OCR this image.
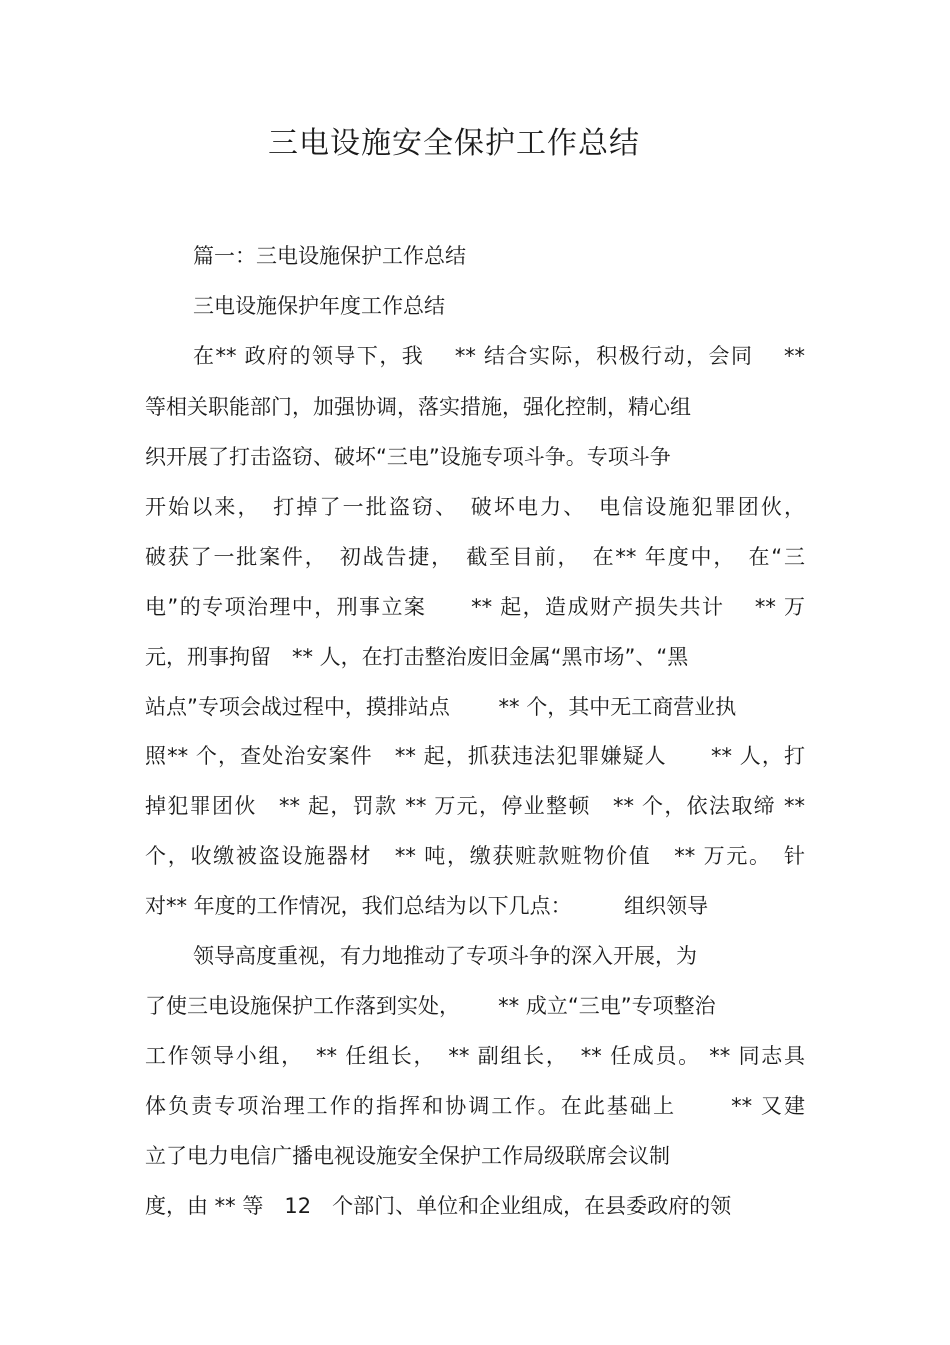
三电设施安全保护工作总结
篇一：三电设施保护工作总结
三电设施保护年度工作总结
在** 政府的领导下，我　 ** 结合实际，积极行动，会同　 **
等相关职能部门，加强协调，落实措施，强化控制，精心组
织开展了打击盗窃、破坏“三电”设施专项斗争。专项斗争
开始以来，　打掉了一批盗窃、　破坏电力、　电信设施犯罪团伙，
破获了一批案件，　初战告捷，　截至目前，　在** 年度中，　在“三
电”的专项治理中，刑事立案　　** 起，造成财产损失共计　 ** 万
元，刑事拘留　** 人，在打击整治废旧金属“黑市场”、“黑
站点”专项会战过程中，摸排站点　　 ** 个，其中无工商营业执
照** 个，查处治安案件　** 起，抓获违法犯罪嫌疑人　　** 人，打
掉犯罪团伙　** 起，罚款 ** 万元，停业整顿　** 个，依法取缔 **
个，收缴被盗设施器材　** 吨，缴获赃款赃物价值　** 万元。　针
对** 年度的工作情况，我们总结为以下几点：　　　组织领导
领导高度重视，有力地推动了专项斗争的深入开展，为
了使三电设施保护工作落到实处，　　 ** 成立“三电”专项整治
工作领导小组，　** 任组长，　** 副组长，　** 任成员。 ** 同志具
体负责专项治理工作的指挥和协调工作。在此基础上　　 ** 又建
立了电力电信广播电视设施安全保护工作局级联席会议制
度，由 ** 等　12　个部门、单位和企业组成，在县委政府的领
